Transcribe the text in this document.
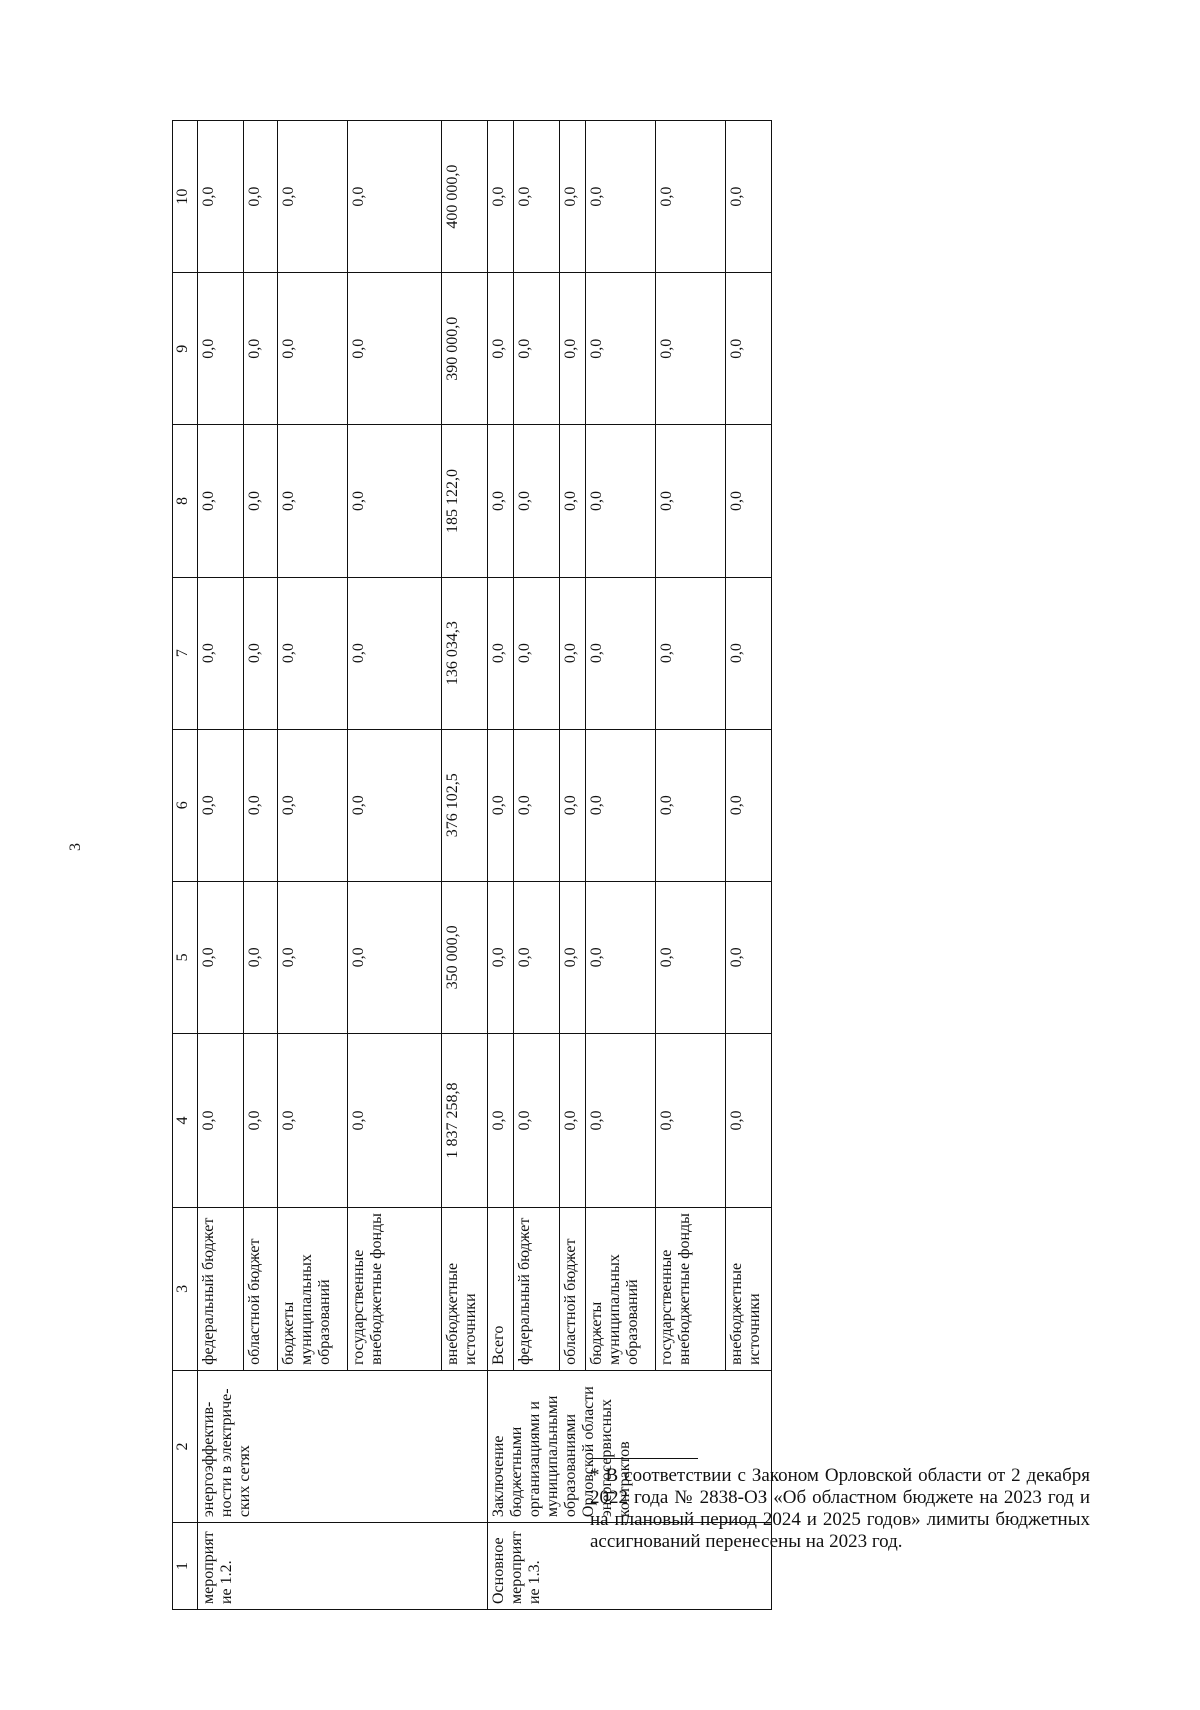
3
1	2	3	4	5	6	7	8	9	10
мероприятие 1.2.	энергоэффектив-ности в электриче-ских сетях	федеральный бюджет	0,0	0,0	0,0	0,0	0,0	0,0	0,0
		областной бюджет	0,0	0,0	0,0	0,0	0,0	0,0	0,0
		бюджеты муниципальных образований	0,0	0,0	0,0	0,0	0,0	0,0	0,0
		государственные внебюджетные фонды	0,0	0,0	0,0	0,0	0,0	0,0	0,0
		внебюджетные источники	1 837 258,8	350 000,0	376 102,5	136 034,3	185 122,0	390 000,0	400 000,0
Основное мероприятие 1.3.	Заключение бюджетными организациями и муниципальными образованиями Орловской области энергосервисных контрактов	Всего	0,0	0,0	0,0	0,0	0,0	0,0	0,0
		федеральный бюджет	0,0	0,0	0,0	0,0	0,0	0,0	0,0
		областной бюджет	0,0	0,0	0,0	0,0	0,0	0,0	0,0
		бюджеты муниципальных образований	0,0	0,0	0,0	0,0	0,0	0,0	0,0
		государственные внебюджетные фонды	0,0	0,0	0,0	0,0	0,0	0,0	0,0
		внебюджетные источники	0,0	0,0	0,0	0,0	0,0	0,0	0,0
* В соответствии с Законом Орловской области от 2 декабря 2022 года № 2838-ОЗ «Об областном бюджете на 2023 год и на плановый период 2024 и 2025 годов» лимиты бюджетных ассигнований перенесены на 2023 год.
